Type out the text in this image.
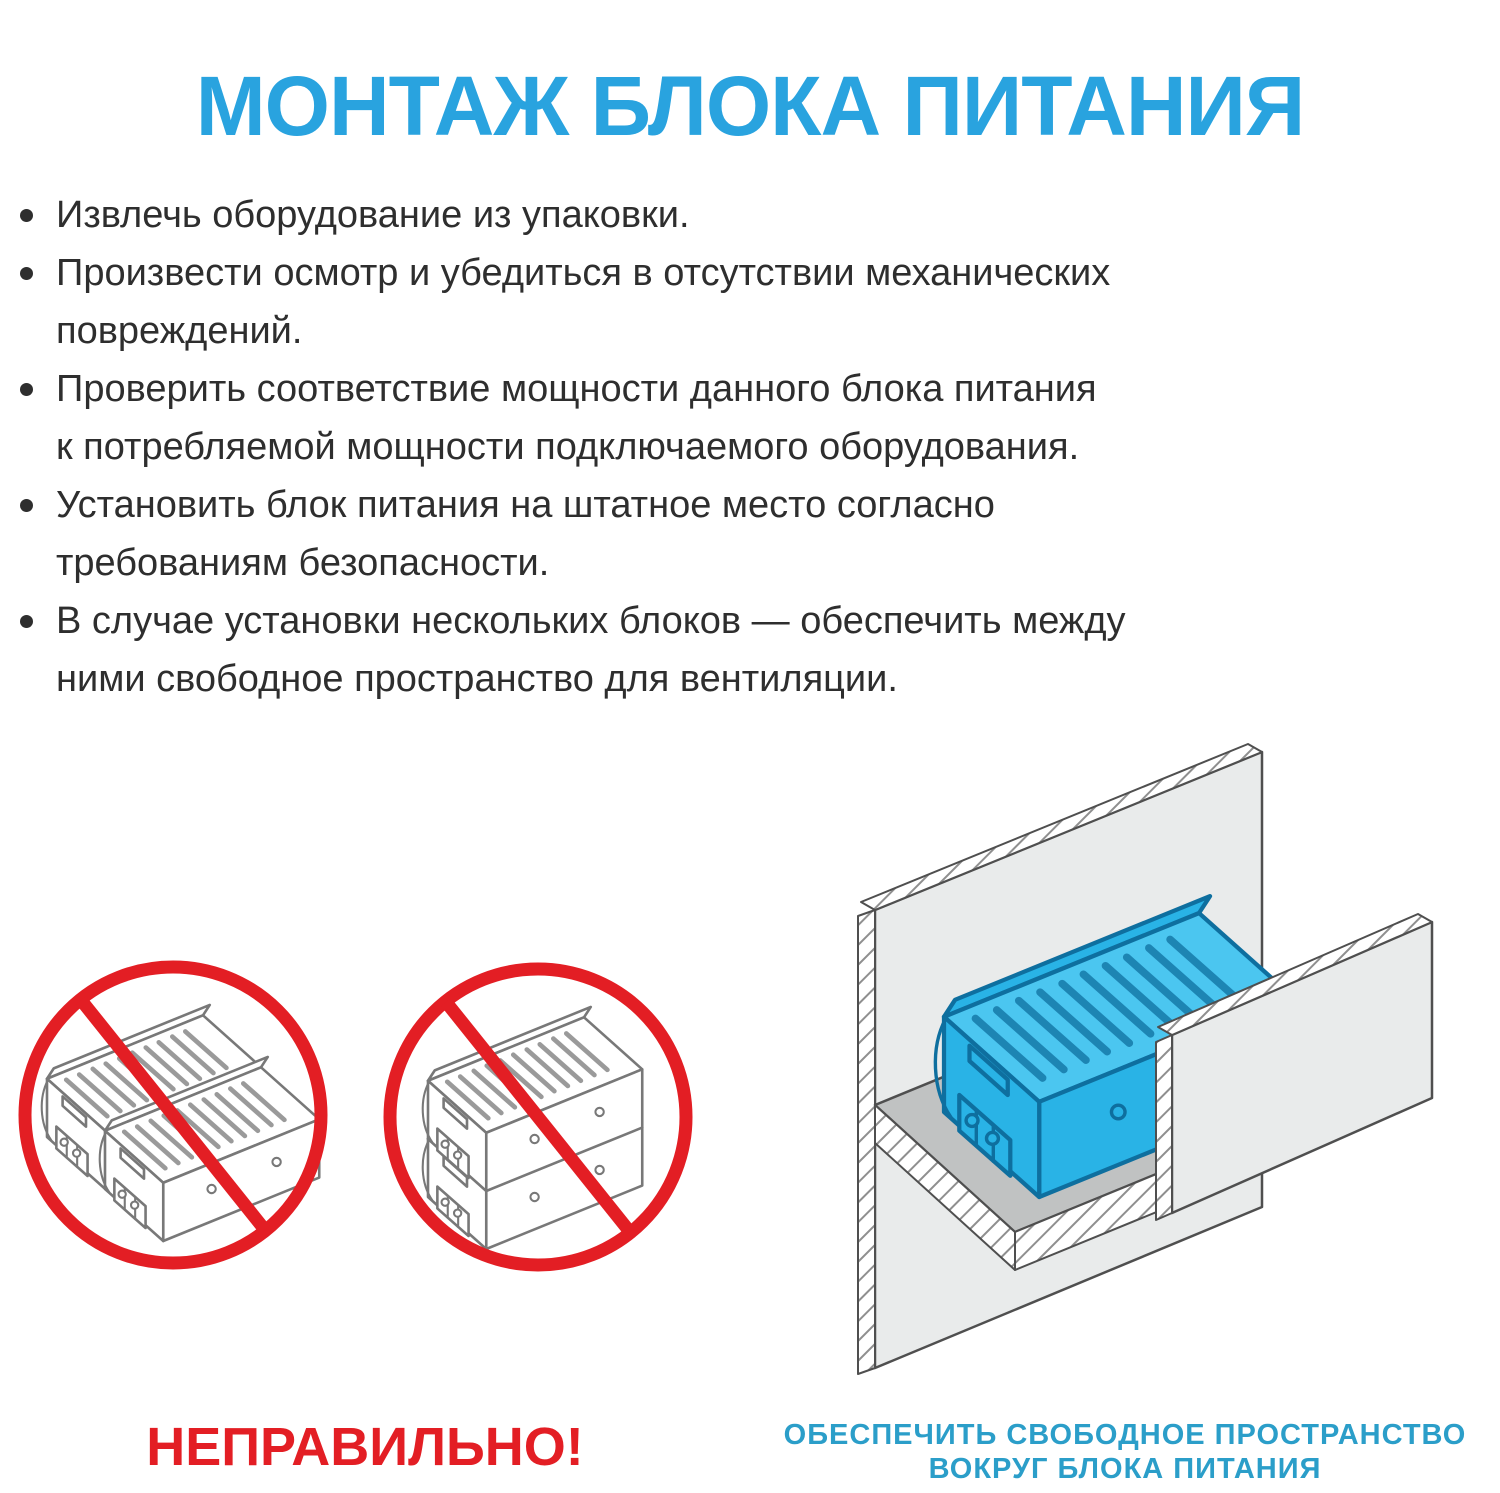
МОНТАЖ БЛОКА ПИТАНИЯ
Извлечь оборудование из упаковки.
Произвести осмотр и убедиться в отсутствии механических
повреждений.
Проверить соответствие мощности данного блока питания
к потребляемой мощности подключаемого оборудования.
Установить блок питания на штатное место согласно
требованиям безопасности.
В случае установки нескольких блоков — обеспечить между
ними свободное пространство для вентиляции.
НЕПРАВИЛЬНО!	ОБЕСПЕЧИТЬ СВОБОДНОЕ ПРОСТРАНСТВО
ВОКРУГ БЛОКА ПИТАНИЯ
